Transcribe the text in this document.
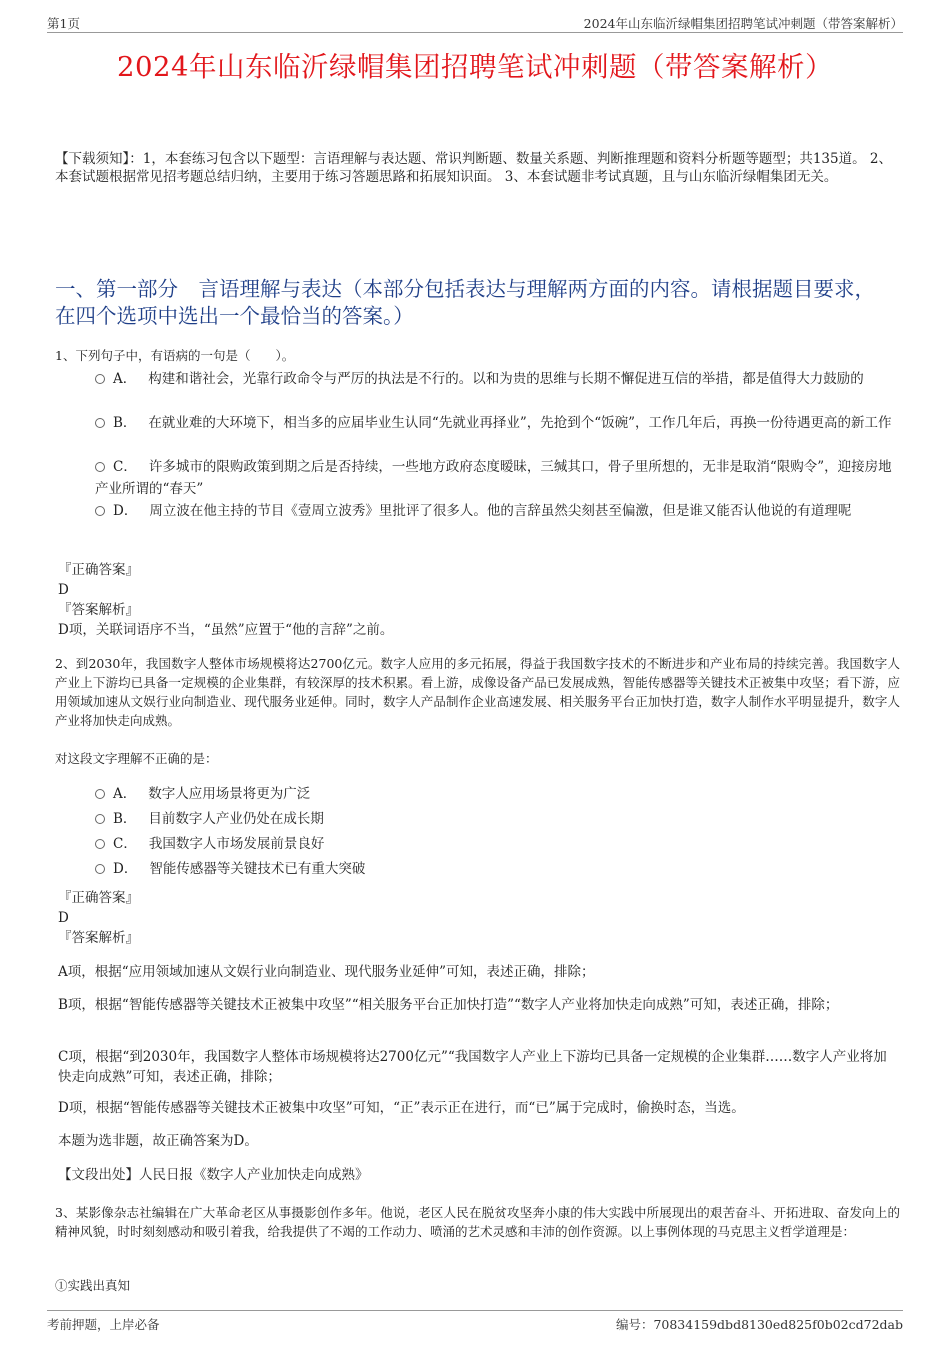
第1页	2024年山东临沂绿帽集团招聘笔试冲刺题（带答案解析）
2024年山东临沂绿帽集团招聘笔试冲刺题（带答案解析）
【下载须知】：1，本套练习包含以下题型：言语理解与表达题、常识判断题、数量关系题、判断推理题和资料分析题等题型；共135道。 2、本套试题根据常见招考题总结归纳，主要用于练习答题思路和拓展知识面。 3、本套试题非考试真题，且与山东临沂绿帽集团无关。
一、第一部分　言语理解与表达（本部分包括表达与理解两方面的内容。请根据题目要求，在四个选项中选出一个最恰当的答案。）

1、下列句子中，有语病的一句是（　　）。

A． 构建和谐社会，光靠行政命令与严厉的执法是不行的。以和为贵的思维与长期不懈促进互信的举措，都是值得大力鼓励的
B． 在就业难的大环境下，相当多的应届毕业生认同“先就业再择业”，先抢到个“饭碗”，工作几年后，再换一份待遇更高的新工作
C． 许多城市的限购政策到期之后是否持续，一些地方政府态度暧昧，三缄其口，骨子里所想的，无非是取消“限购令”，迎接房地产业所谓的“春天”
D． 周立波在他主持的节目《壹周立波秀》里批评了很多人。他的言辞虽然尖刻甚至偏激，但是谁又能否认他说的有道理呢

『正确答案』

D

『答案解析』

D项，关联词语序不当，“虽然”应置于“他的言辞”之前。

2、到2030年，我国数字人整体市场规模将达2700亿元。数字人应用的多元拓展，得益于我国数字技术的不断进步和产业布局的持续完善。我国数字人产业上下游均已具备一定规模的企业集群，有较深厚的技术积累。看上游，成像设备产品已发展成熟，智能传感器等关键技术正被集中攻坚；看下游，应用领域加速从文娱行业向制造业、现代服务业延伸。同时，数字人产品制作企业高速发展、相关服务平台正加快打造，数字人制作水平明显提升，数字人产业将加快走向成熟。

对这段文字理解不正确的是：

A． 数字人应用场景将更为广泛
B． 目前数字人产业仍处在成长期
C． 我国数字人市场发展前景良好
D． 智能传感器等关键技术已有重大突破

『正确答案』

D

『答案解析』

A项，根据“应用领域加速从文娱行业向制造业、现代服务业延伸”可知，表述正确，排除；

B项，根据“智能传感器等关键技术正被集中攻坚”“相关服务平台正加快打造”“数字人产业将加快走向成熟”可知，表述正确，排除；

C项，根据“到2030年，我国数字人整体市场规模将达2700亿元”“我国数字人产业上下游均已具备一定规模的企业集群……数字人产业将加快走向成熟”可知，表述正确，排除；

D项，根据“智能传感器等关键技术正被集中攻坚”可知，“正”表示正在进行，而“已”属于完成时，偷换时态，当选。

本题为选非题，故正确答案为D。

【文段出处】人民日报《数字人产业加快走向成熟》

3、某影像杂志社编辑在广大革命老区从事摄影创作多年。他说，老区人民在脱贫攻坚奔小康的伟大实践中所展现出的艰苦奋斗、开拓进取、奋发向上的精神风貌，时时刻刻感动和吸引着我，给我提供了不竭的工作动力、喷涌的艺术灵感和丰沛的创作资源。以上事例体现的马克思主义哲学道理是：

①实践出真知

考前押题，上岸必备	编号：70834159dbd8130ed825f0b02cd72dab
